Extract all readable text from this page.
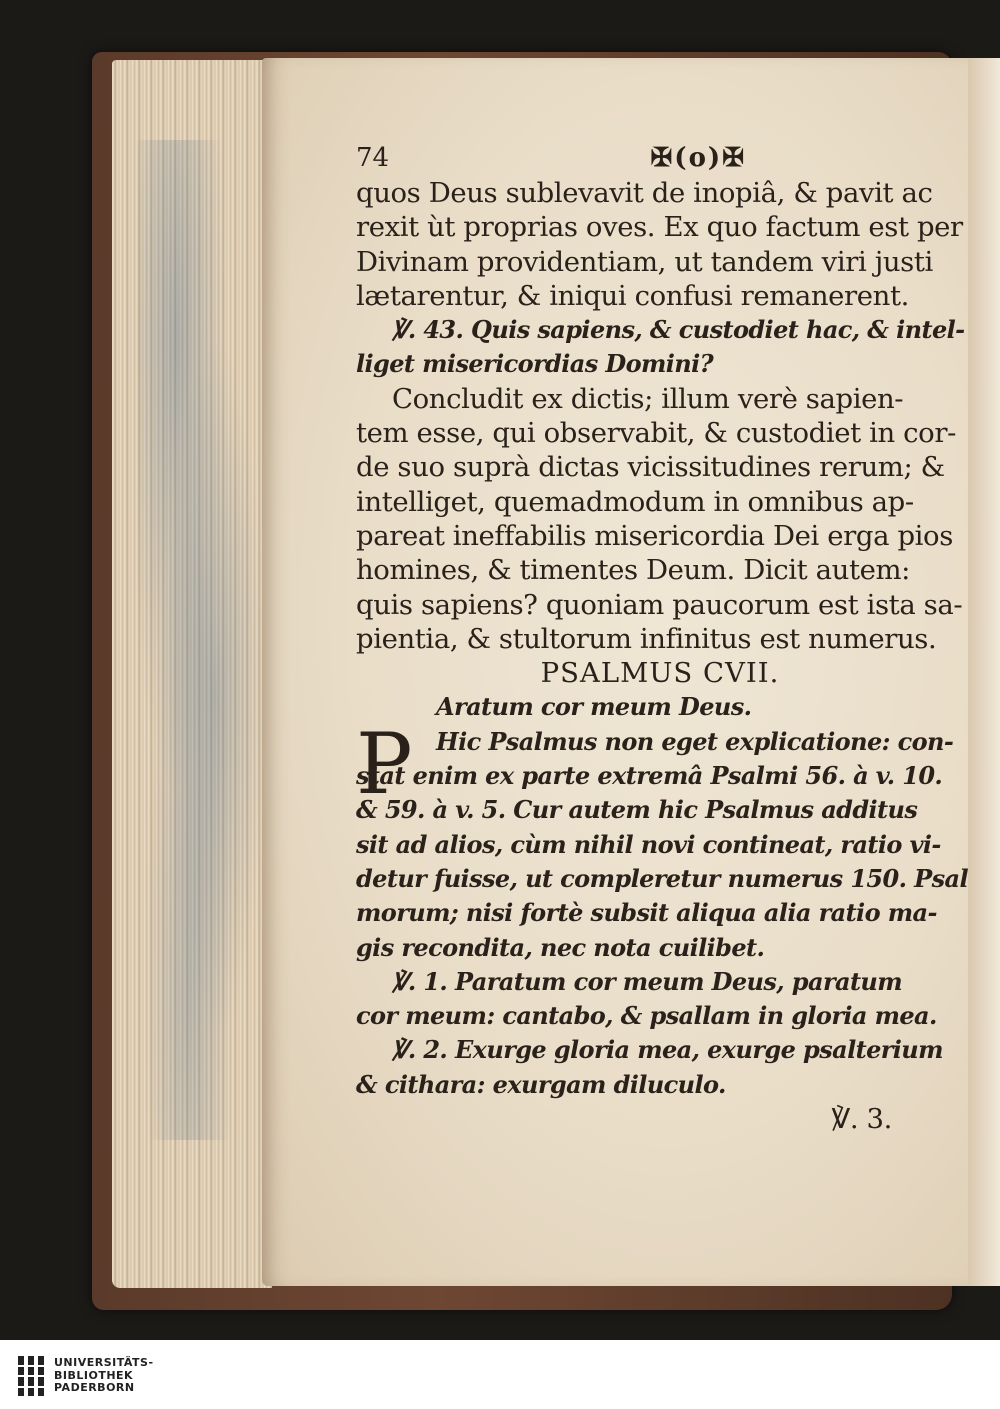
74	✠(o)✠
quos Deus sublevavit de inopiâ, & pavit ac
rexit ùt proprias oves. Ex quo factum est per
Divinam providentiam, ut tandem viri justi
lætarentur, & iniqui confusi remanerent.
℣. 43. Quis sapiens, & custodiet hac, & intel-
liget misericordias Domini?
Concludit ex dictis; illum verè sapien-
tem esse, qui observabit, & custodiet in cor-
de suo suprà dictas vicissitudines rerum; &
intelliget, quemadmodum in omnibus ap-
pareat ineffabilis misericordia Dei erga pios
homines, & timentes Deum. Dicit autem:
quis sapiens? quoniam paucorum est ista sa-
pientia, & stultorum infinitus est numerus.
PSALMUS CVII.
Aratum cor meum Deus.
Hic Psalmus non eget explicatione: con-
stat enim ex parte extremâ Psalmi 56. à v. 10.
& 59. à v. 5. Cur autem hic Psalmus additus
sit ad alios, cùm nihil novi contineat, ratio vi-
detur fuisse, ut compleretur numerus 150. Psal
morum; nisi fortè subsit aliqua alia ratio ma-
gis recondita, nec nota cuilibet.
℣. 1. Paratum cor meum Deus, paratum
cor meum: cantabo, & psallam in gloria mea.
℣. 2. Exurge gloria mea, exurge psalterium
& cithara: exurgam diluculo.
℣. 3.
P
UNIVERSITÄTS-
BIBLIOTHEK
PADERBORN
